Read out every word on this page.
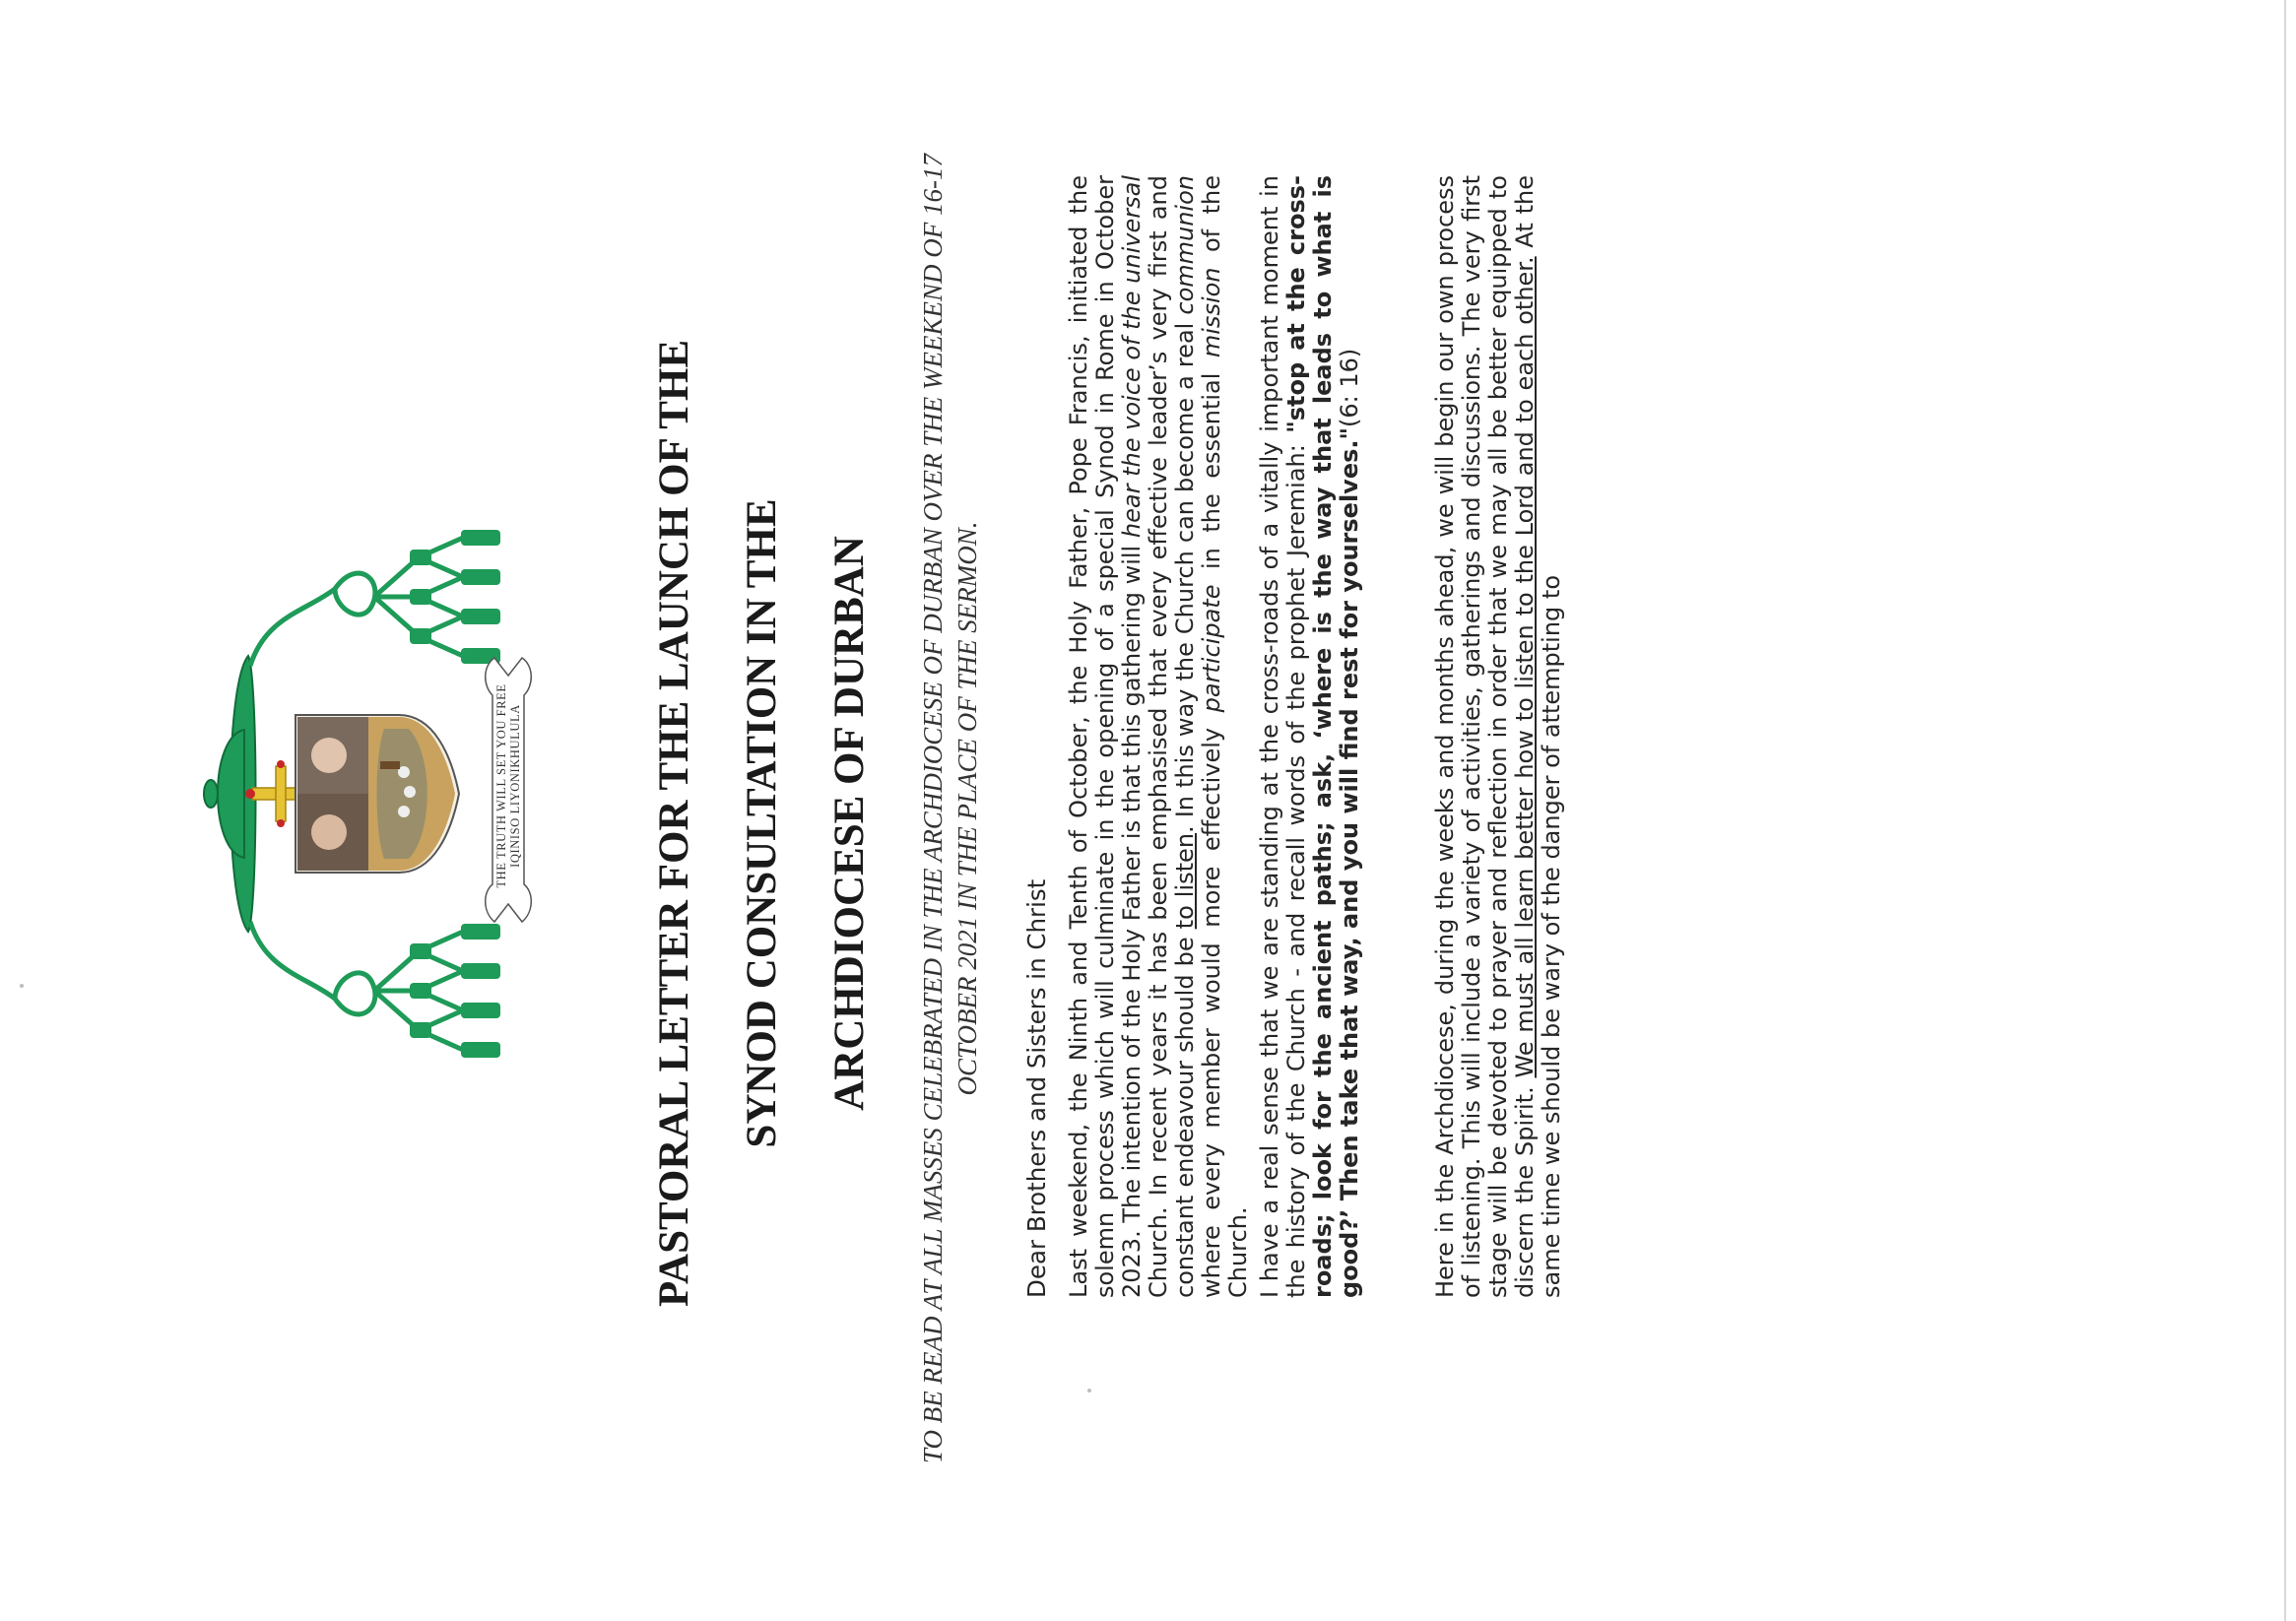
THE TRUTH WILL SET YOU FREE IQINISO LIYONIKHULULA	PASTORAL LETTER FOR THE LAUNCH OF THE SYNOD CONSULTATION IN THE ARCHDIOCESE OF DURBAN	TO BE READ AT ALL MASSES CELEBRATED IN THE ARCHDIOCESE OF DURBAN OVER THE WEEKEND OF 16-17 OCTOBER 2021 IN THE PLACE OF THE SERMON. Dear Brothers and Sisters in Christ Last weekend, the Ninth and Tenth of October, the Holy Father, Pope Francis, initiated the solemn process which will culminate in the opening of a special Synod in Rome in October 2023. The intention of the Holy Father is that this gathering will hear the voice of the universal Church. In recent years it has been emphasised that every effective leader’s very first and constant endeavour should be to listen. In this way the Church can become a real communion where every member would more effectively participate in the essential mission of the Church. I have a real sense that we are standing at the cross-roads of a vitally important moment in the history of the Church - and recall words of the prophet Jeremiah: "stop at the cross-roads; look for the ancient paths; ask, ‘where is the way that leads to what is good?’ Then take that way, and you will find rest for yourselves."(6: 16)	Here in the Archdiocese, during the weeks and months ahead, we will begin our own process of listening. This will include a variety of activities, gatherings and discussions. The very first stage will be devoted to prayer and reflection in order that we may all be better equipped to discern the Spirit. We must all learn better how to listen to the Lord and to each other. At the same time we should be wary of the danger of attempting to
